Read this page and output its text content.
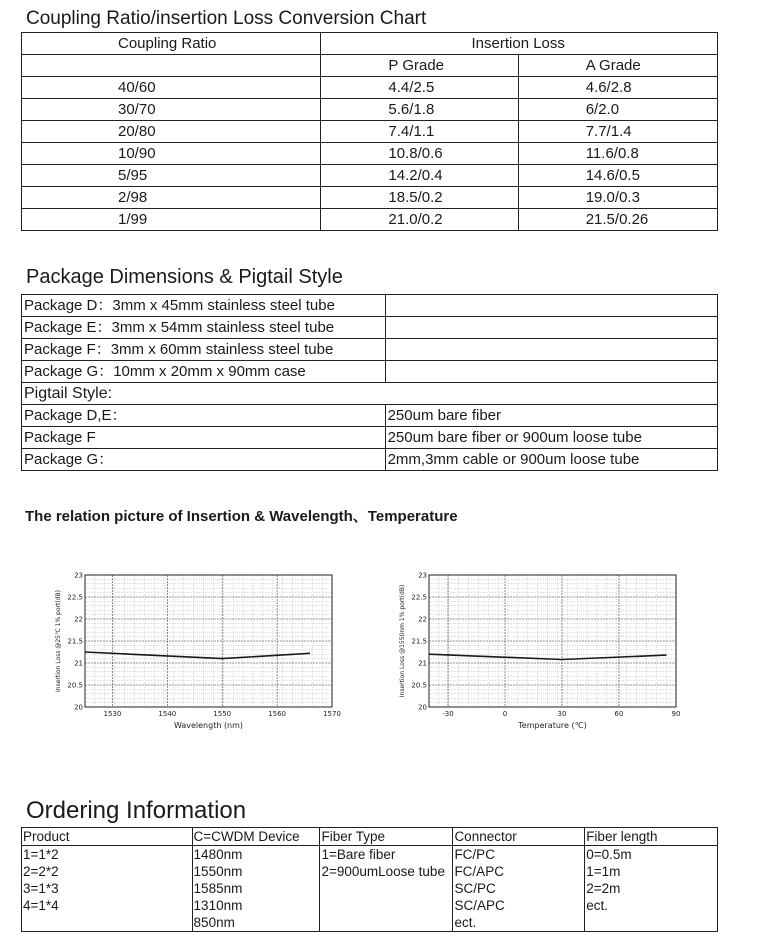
Coupling Ratio/insertion Loss Conversion Chart
Coupling Ratio	Insertion Loss	
	P Grade	A Grade
40/60	4.4/2.5	4.6/2.8
30/70	5.6/1.8	6/2.0
20/80	7.4/1.1	7.7/1.4
10/90	10.8/0.6	11.6/0.8
5/95	14.2/0.4	14.6/0.5
2/98	18.5/0.2	19.0/0.3
1/99	21.0/0.2	21.5/0.26
Package Dimensions & Pigtail Style
Package D：3mm x 45mm stainless steel tube	
Package E：3mm x 54mm stainless steel tube	
Package F：3mm x 60mm stainless steel tube	
Package G：10mm x 20mm x 90mm case	
Pigtail Style:	
Package D,E：	250um bare fiber
Package F	250um bare fiber or 900um loose tube
Package G：	2mm,3mm cable or 900um loose tube
The relation picture of Insertion & Wavelength、Temperature
20
20.5
21
21.5
22
22.5
23
1530	1540	1550	1560	1570
Wavelength (nm)
Insertion Loss @25℃ 1% port(dB)
20
20.5
21
21.5
22
22.5
23
-30	0	30	60	90
Temperature (℃)
Insertion Loss @1550nm 1% port(dB)
Ordering Information
Product	C=CWDM Device	Fiber Type	Connector	Fiber length
1=1*2	1480nm	1=Bare fiber	FC/PC	0=0.5m
2=2*2	1550nm	2=900umLoose tube	FC/APC	1=1m
3=1*3	1585nm		SC/PC	2=2m
4=1*4	1310nm		SC/APC	ect.
	850nm		ect.	
